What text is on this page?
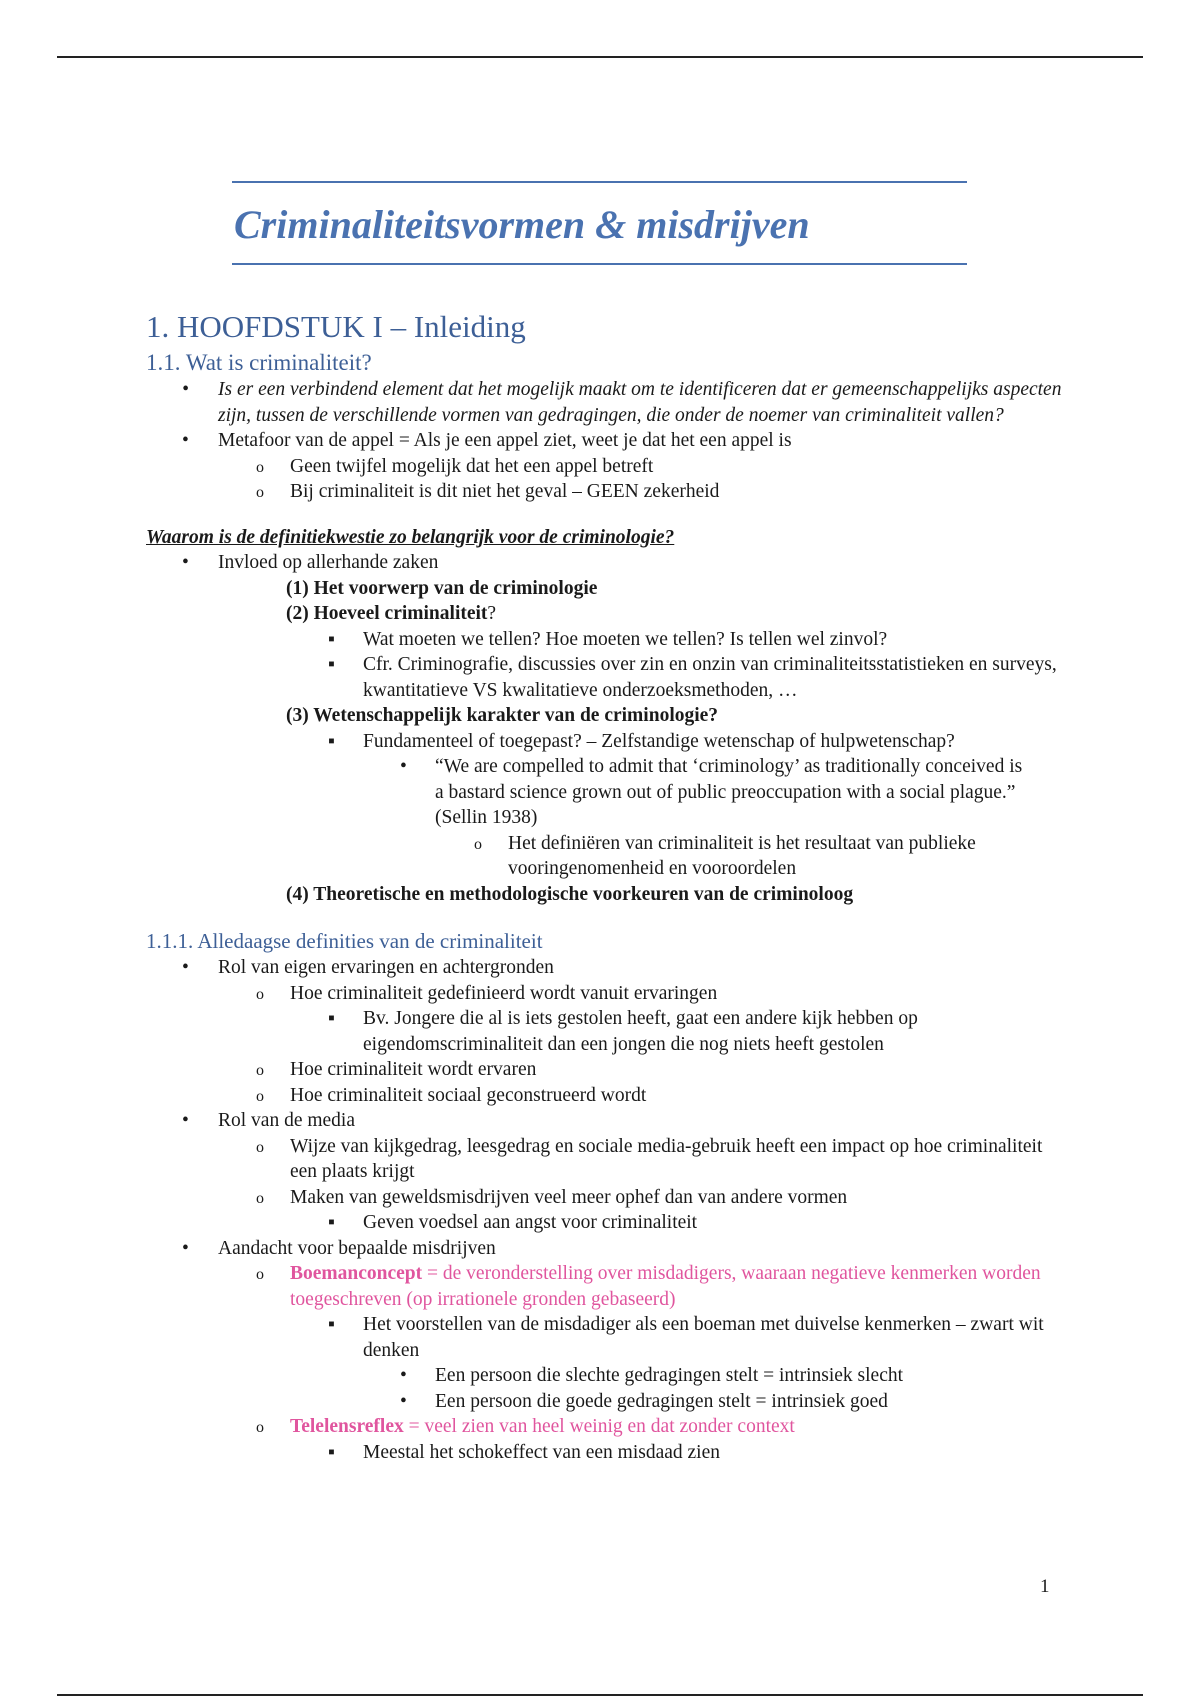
Criminaliteitsvormen & misdrijven
1. HOOFDSTUK I – Inleiding
1.1. Wat is criminaliteit?
•
Is er een verbindend element dat het mogelijk maakt om te identificeren dat er gemeenschappelijks aspecten zijn, tussen de verschillende vormen van gedragingen, die onder de noemer van criminaliteit vallen?
•
Metafoor van de appel = Als je een appel ziet, weet je dat het een appel is
o
Geen twijfel mogelijk dat het een appel betreft
o
Bij criminaliteit is dit niet het geval – GEEN zekerheid
Waarom is de definitiekwestie zo belangrijk voor de criminologie?
•
Invloed op allerhande zaken
(1) Het voorwerp van de criminologie
(2) Hoeveel criminaliteit?
▪
Wat moeten we tellen? Hoe moeten we tellen? Is tellen wel zinvol?
▪
Cfr. Criminografie, discussies over zin en onzin van criminaliteitsstatistieken en surveys, kwantitatieve VS kwalitatieve onderzoeksmethoden, …
(3) Wetenschappelijk karakter van de criminologie?
▪
Fundamenteel of toegepast? – Zelfstandige wetenschap of hulpwetenschap?
•
“We are compelled to admit that ‘criminology’ as traditionally conceived is a bastard science grown out of public preoccupation with a social plague.” (Sellin 1938)
o
Het definiëren van criminaliteit is het resultaat van publieke vooringenomenheid en vooroordelen
(4) Theoretische en methodologische voorkeuren van de criminoloog
1.1.1. Alledaagse definities van de criminaliteit
•
Rol van eigen ervaringen en achtergronden
o
Hoe criminaliteit gedefinieerd wordt vanuit ervaringen
▪
Bv. Jongere die al is iets gestolen heeft, gaat een andere kijk hebben op eigendomscriminaliteit dan een jongen die nog niets heeft gestolen
o
Hoe criminaliteit wordt ervaren
o
Hoe criminaliteit sociaal geconstrueerd wordt
•
Rol van de media
o
Wijze van kijkgedrag, leesgedrag en sociale media-gebruik heeft een impact op hoe criminaliteit een plaats krijgt
o
Maken van geweldsmisdrijven veel meer ophef dan van andere vormen
▪
Geven voedsel aan angst voor criminaliteit
•
Aandacht voor bepaalde misdrijven
o
Boemanconcept = de veronderstelling over misdadigers, waaraan negatieve kenmerken worden toegeschreven (op irrationele gronden gebaseerd)
▪
Het voorstellen van de misdadiger als een boeman met duivelse kenmerken – zwart wit denken
•
Een persoon die slechte gedragingen stelt = intrinsiek slecht
•
Een persoon die goede gedragingen stelt = intrinsiek goed
o
Telelensreflex = veel zien van heel weinig en dat zonder context
▪
Meestal het schokeffect van een misdaad zien
1
